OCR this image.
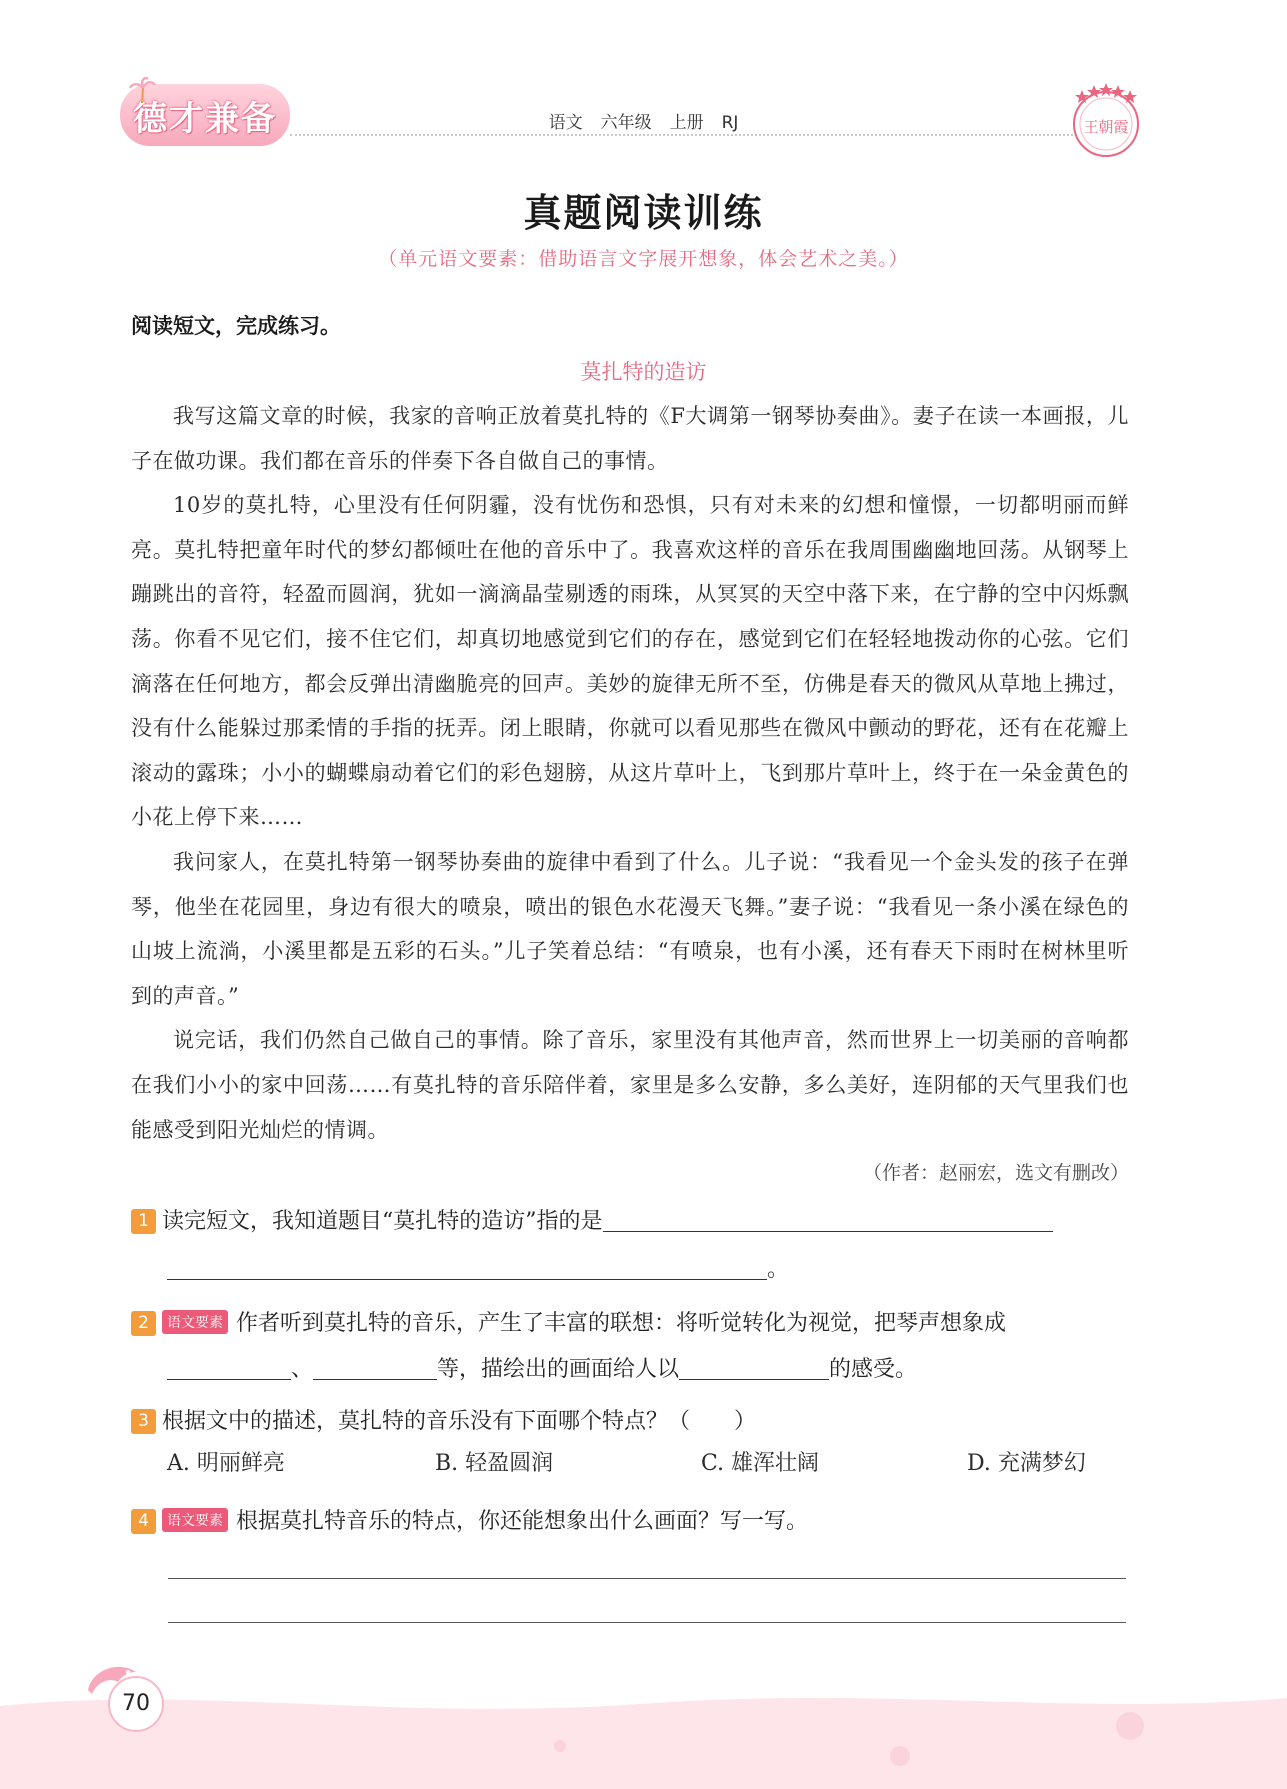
德才兼备	语文 六年级 上册 RJ	王朝霞
真题阅读训练
（单元语文要素：借助语言文字展开想象，体会艺术之美。）
阅读短文，完成练习。
莫扎特的造访

我写这篇文章的时候，我家的音响正放着莫扎特的《F大调第一钢琴协奏曲》。妻子在读一本画报，儿子在做功课。我们都在音乐的伴奏下各自做自己的事情。

10岁的莫扎特，心里没有任何阴霾，没有忧伤和恐惧，只有对未来的幻想和憧憬，一切都明丽而鲜亮。莫扎特把童年时代的梦幻都倾吐在他的音乐中了。我喜欢这样的音乐在我周围幽幽地回荡。从钢琴上蹦跳出的音符，轻盈而圆润，犹如一滴滴晶莹剔透的雨珠，从冥冥的天空中落下来，在宁静的空中闪烁飘荡。你看不见它们，接不住它们，却真切地感觉到它们的存在，感觉到它们在轻轻地拨动你的心弦。它们滴落在任何地方，都会反弹出清幽脆亮的回声。美妙的旋律无所不至，仿佛是春天的微风从草地上拂过，没有什么能躲过那柔情的手指的抚弄。闭上眼睛，你就可以看见那些在微风中颤动的野花，还有在花瓣上滚动的露珠；小小的蝴蝶扇动着它们的彩色翅膀，从这片草叶上，飞到那片草叶上，终于在一朵金黄色的小花上停下来……

我问家人，在莫扎特第一钢琴协奏曲的旋律中看到了什么。儿子说：“我看见一个金头发的孩子在弹琴，他坐在花园里，身边有很大的喷泉，喷出的银色水花漫天飞舞。”妻子说：“我看见一条小溪在绿色的山坡上流淌，小溪里都是五彩的石头。”儿子笑着总结：“有喷泉，也有小溪，还有春天下雨时在树林里听到的声音。”

说完话，我们仍然自己做自己的事情。除了音乐，家里没有其他声音，然而世界上一切美丽的音响都在我们小小的家中回荡……有莫扎特的音乐陪伴着，家里是多么安静，多么美好，连阴郁的天气里我们也能感受到阳光灿烂的情调。

（作者：赵丽宏，选文有删改）
1 读完短文，我知道题目“莫扎特的造访”指的是
。
2 语文要素 作者听到莫扎特的音乐，产生了丰富的联想：将听觉转化为视觉，把琴声想象成
、	等，描绘出的画面给人以	的感受。
3 根据文中的描述，莫扎特的音乐没有下面哪个特点？（　　）
A. 明丽鲜亮	B. 轻盈圆润	C. 雄浑壮阔	D. 充满梦幻
4 语文要素 根据莫扎特音乐的特点，你还能想象出什么画面？写一写。
70
